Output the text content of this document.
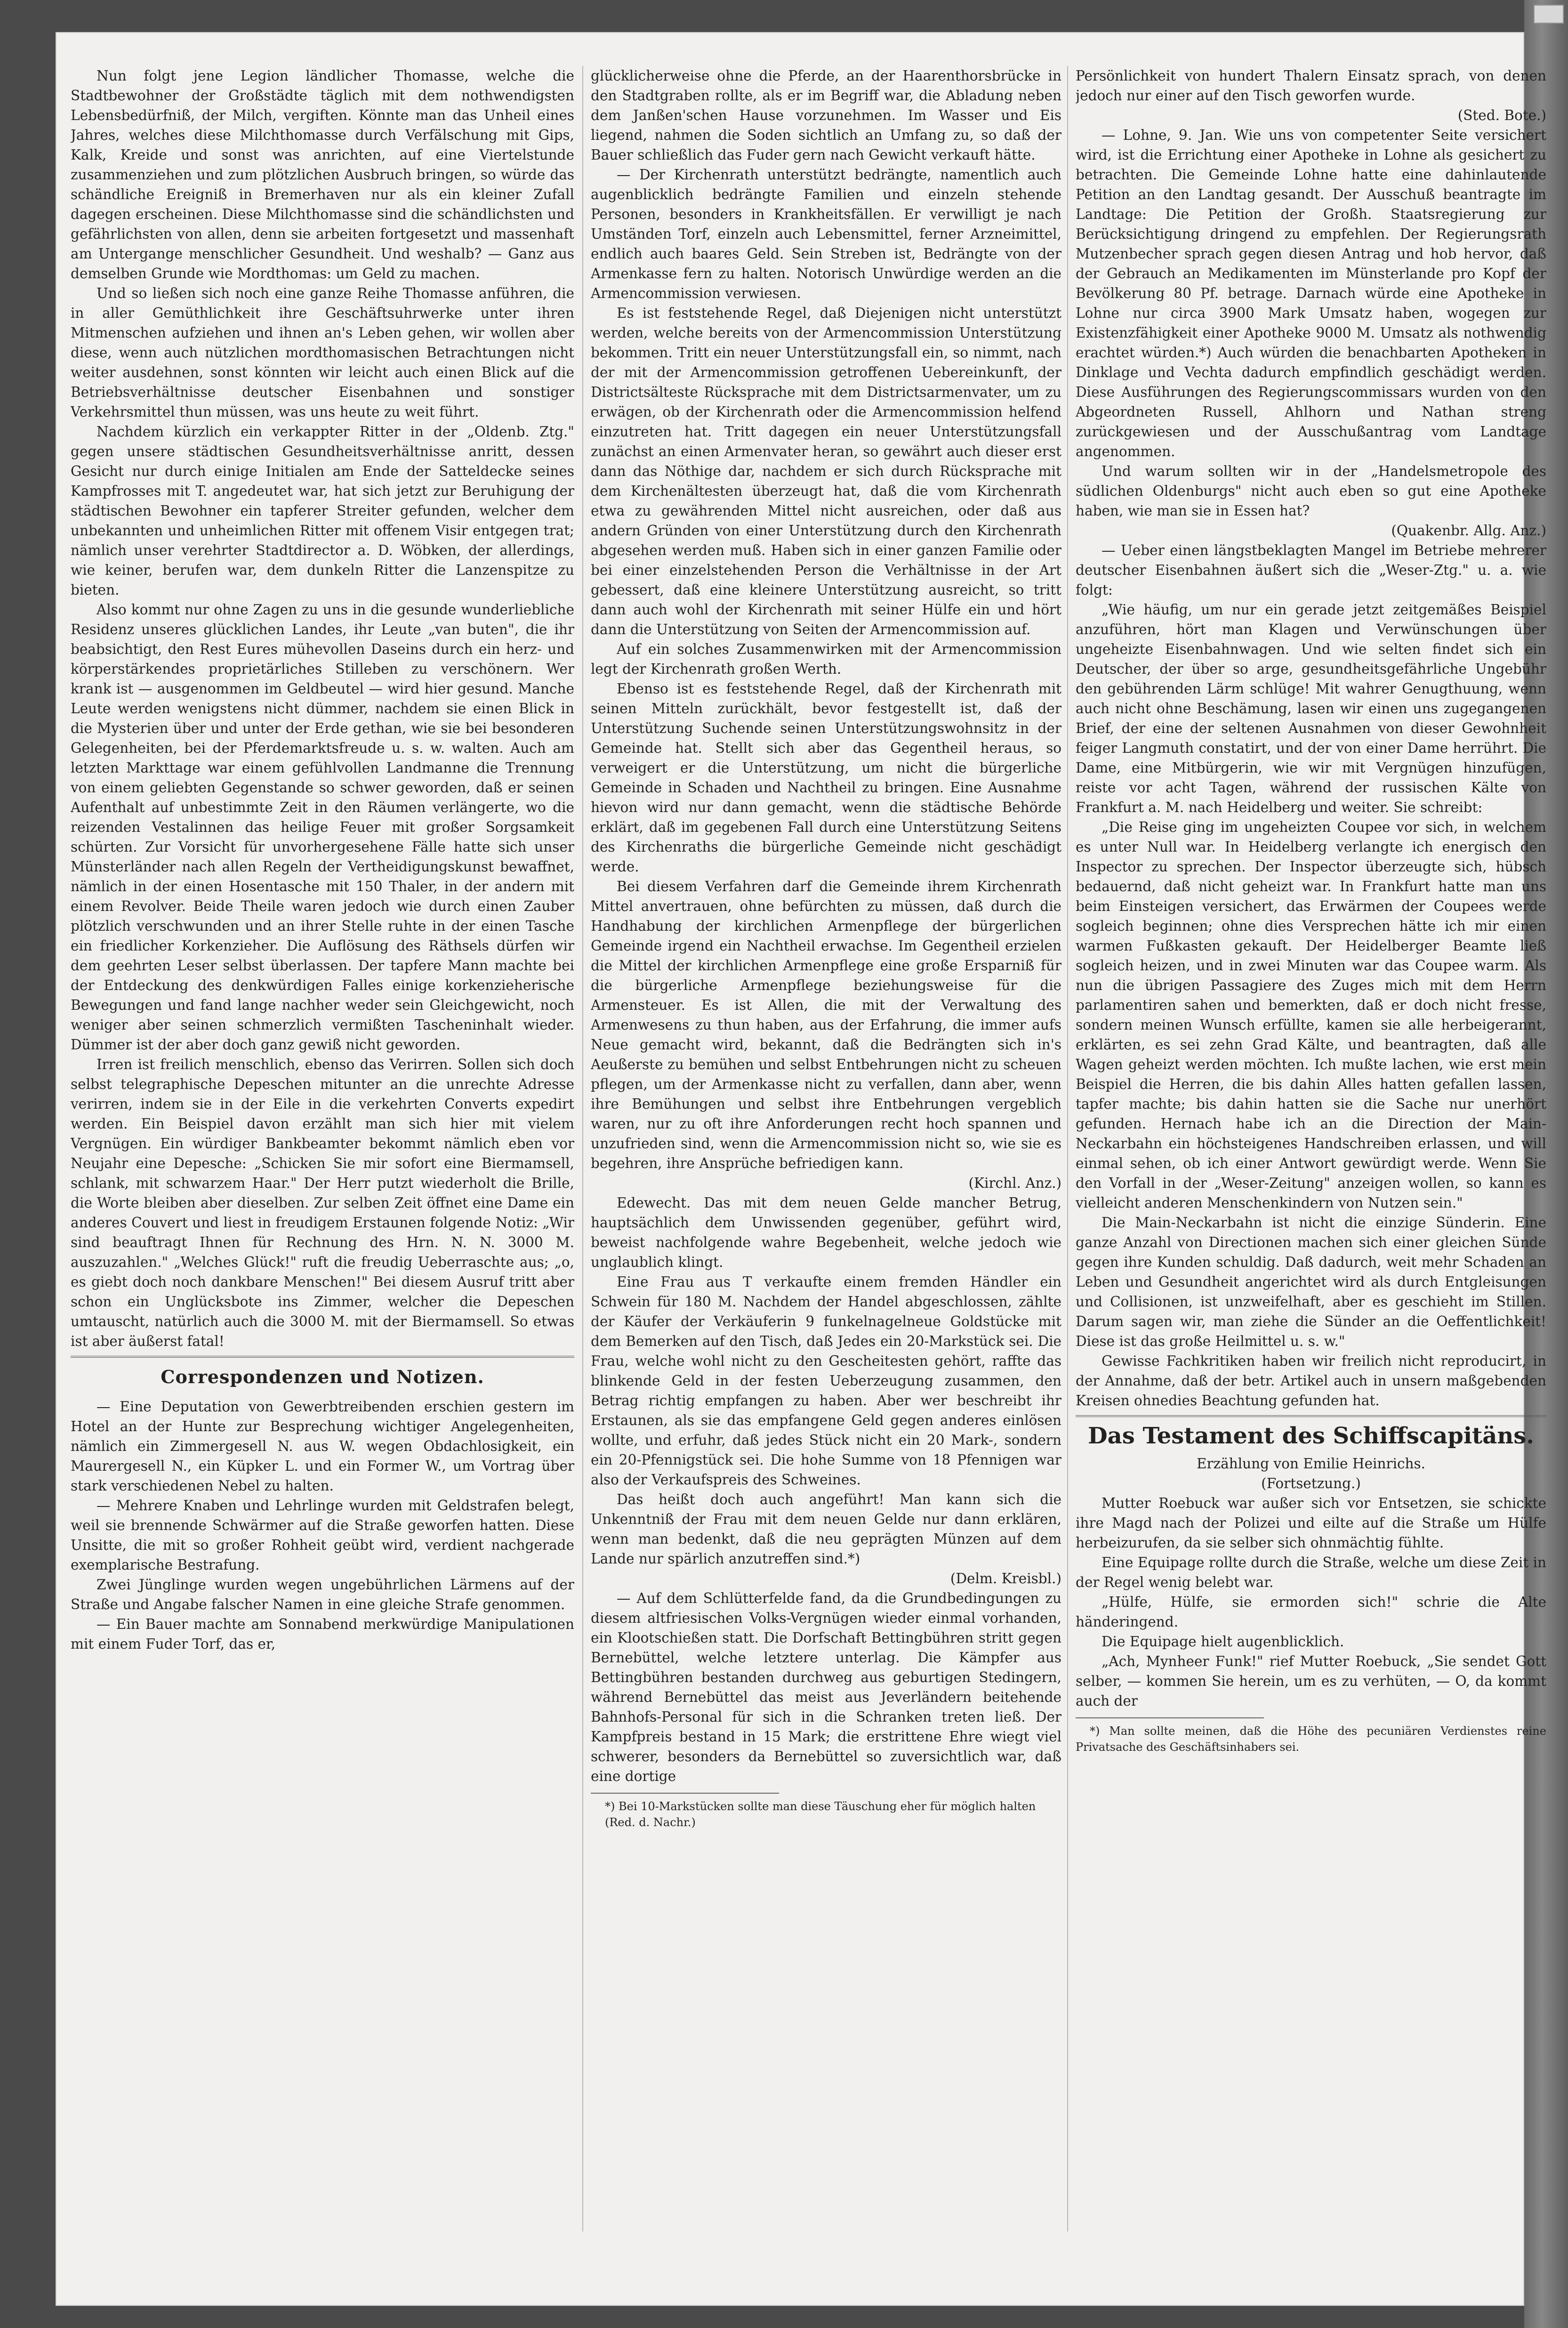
Nun folgt jene Legion ländlicher Thomasse, welche die Stadtbewohner der Großstädte täglich mit dem nothwendigsten Lebensbedürfniß, der Milch, vergiften. Könnte man das Unheil eines Jahres, welches diese Milchthomasse durch Verfälschung mit Gips, Kalk, Kreide und sonst was anrichten, auf eine Viertelstunde zusammenziehen und zum plötzlichen Ausbruch bringen, so würde das schändliche Ereigniß in Bremerhaven nur als ein kleiner Zufall dagegen erscheinen. Diese Milchthomasse sind die schändlichsten und gefährlichsten von allen, denn sie arbeiten fortgesetzt und massenhaft am Untergange menschlicher Gesundheit. Und weshalb? — Ganz aus demselben Grunde wie Mordthomas: um Geld zu machen.

Und so ließen sich noch eine ganze Reihe Thomasse anführen, die in aller Gemüthlichkeit ihre Geschäftsuhrwerke unter ihren Mitmenschen aufziehen und ihnen an's Leben gehen, wir wollen aber diese, wenn auch nützlichen mordthomasischen Betrachtungen nicht weiter ausdehnen, sonst könnten wir leicht auch einen Blick auf die Betriebsverhältnisse deutscher Eisenbahnen und sonstiger Verkehrsmittel thun müssen, was uns heute zu weit führt.

Nachdem kürzlich ein verkappter Ritter in der „Oldenb. Ztg." gegen unsere städtischen Gesundheitsverhältnisse anritt, dessen Gesicht nur durch einige Initialen am Ende der Satteldecke seines Kampfrosses mit T. angedeutet war, hat sich jetzt zur Beruhigung der städtischen Bewohner ein tapferer Streiter gefunden, welcher dem unbekannten und unheimlichen Ritter mit offenem Visir entgegen trat; nämlich unser verehrter Stadtdirector a. D. Wöbken, der allerdings, wie keiner, berufen war, dem dunkeln Ritter die Lanzenspitze zu bieten.

Also kommt nur ohne Zagen zu uns in die gesunde wunderliebliche Residenz unseres glücklichen Landes, ihr Leute „van buten", die ihr beabsichtigt, den Rest Eures mühevollen Daseins durch ein herz- und körperstärkendes proprietärliches Stilleben zu verschönern. Wer krank ist — ausgenommen im Geldbeutel — wird hier gesund. Manche Leute werden wenigstens nicht dümmer, nachdem sie einen Blick in die Mysterien über und unter der Erde gethan, wie sie bei besonderen Gelegenheiten, bei der Pferdemarktsfreude u. s. w. walten. Auch am letzten Markttage war einem gefühlvollen Landmanne die Trennung von einem geliebten Gegenstande so schwer geworden, daß er seinen Aufenthalt auf unbestimmte Zeit in den Räumen verlängerte, wo die reizenden Vestalinnen das heilige Feuer mit großer Sorgsamkeit schürten. Zur Vorsicht für unvorhergesehene Fälle hatte sich unser Münsterländer nach allen Regeln der Vertheidigungskunst bewaffnet, nämlich in der einen Hosentasche mit 150 Thaler, in der andern mit einem Revolver. Beide Theile waren jedoch wie durch einen Zauber plötzlich verschwunden und an ihrer Stelle ruhte in der einen Tasche ein friedlicher Korkenzieher. Die Auflösung des Räthsels dürfen wir dem geehrten Leser selbst überlassen. Der tapfere Mann machte bei der Entdeckung des denkwürdigen Falles einige korkenzieherische Bewegungen und fand lange nachher weder sein Gleichgewicht, noch weniger aber seinen schmerzlich vermißten Tascheninhalt wieder. Dümmer ist der aber doch ganz gewiß nicht geworden.

Irren ist freilich menschlich, ebenso das Verirren. Sollen sich doch selbst telegraphische Depeschen mitunter an die unrechte Adresse verirren, indem sie in der Eile in die verkehrten Converts expedirt werden. Ein Beispiel davon erzählt man sich hier mit vielem Vergnügen. Ein würdiger Bankbeamter bekommt nämlich eben vor Neujahr eine Depesche: „Schicken Sie mir sofort eine Biermamsell, schlank, mit schwarzem Haar." Der Herr putzt wiederholt die Brille, die Worte bleiben aber dieselben. Zur selben Zeit öffnet eine Dame ein anderes Couvert und liest in freudigem Erstaunen folgende Notiz: „Wir sind beauftragt Ihnen für Rechnung des Hrn. N. N. 3000 M. auszuzahlen." „Welches Glück!" ruft die freudig Ueberraschte aus; „o, es giebt doch noch dankbare Menschen!" Bei diesem Ausruf tritt aber schon ein Unglücksbote ins Zimmer, welcher die Depeschen umtauscht, natürlich auch die 3000 M. mit der Biermamsell. So etwas ist aber äußerst fatal!

Correspondenzen und Notizen.

— Eine Deputation von Gewerbtreibenden erschien gestern im Hotel an der Hunte zur Besprechung wichtiger Angelegenheiten, nämlich ein Zimmergesell N. aus W. wegen Obdachlosigkeit, ein Maurergesell N., ein Küpker L. und ein Former W., um Vortrag über stark verschiedenen Nebel zu halten.

— Mehrere Knaben und Lehrlinge wurden mit Geldstrafen belegt, weil sie brennende Schwärmer auf die Straße geworfen hatten. Diese Unsitte, die mit so großer Rohheit geübt wird, verdient nachgerade exemplarische Bestrafung.

Zwei Jünglinge wurden wegen ungebührlichen Lärmens auf der Straße und Angabe falscher Namen in eine gleiche Strafe genommen.

— Ein Bauer machte am Sonnabend merkwürdige Manipulationen mit einem Fuder Torf, das er,

glücklicherweise ohne die Pferde, an der Haarenthorsbrücke in den Stadtgraben rollte, als er im Begriff war, die Abladung neben dem Janßen'schen Hause vorzunehmen. Im Wasser und Eis liegend, nahmen die Soden sichtlich an Umfang zu, so daß der Bauer schließlich das Fuder gern nach Gewicht verkauft hätte.

— Der Kirchenrath unterstützt bedrängte, namentlich auch augenblicklich bedrängte Familien und einzeln stehende Personen, besonders in Krankheitsfällen. Er verwilligt je nach Umständen Torf, einzeln auch Lebensmittel, ferner Arzneimittel, endlich auch baares Geld. Sein Streben ist, Bedrängte von der Armenkasse fern zu halten. Notorisch Unwürdige werden an die Armencommission verwiesen.

Es ist feststehende Regel, daß Diejenigen nicht unterstützt werden, welche bereits von der Armencommission Unterstützung bekommen. Tritt ein neuer Unterstützungsfall ein, so nimmt, nach der mit der Armencommission getroffenen Uebereinkunft, der Districtsälteste Rücksprache mit dem Districtsarmenvater, um zu erwägen, ob der Kirchenrath oder die Armencommission helfend einzutreten hat. Tritt dagegen ein neuer Unterstützungsfall zunächst an einen Armenvater heran, so gewährt auch dieser erst dann das Nöthige dar, nachdem er sich durch Rücksprache mit dem Kirchenältesten überzeugt hat, daß die vom Kirchenrath etwa zu gewährenden Mittel nicht ausreichen, oder daß aus andern Gründen von einer Unterstützung durch den Kirchenrath abgesehen werden muß. Haben sich in einer ganzen Familie oder bei einer einzelstehenden Person die Verhältnisse in der Art gebessert, daß eine kleinere Unterstützung ausreicht, so tritt dann auch wohl der Kirchenrath mit seiner Hülfe ein und hört dann die Unterstützung von Seiten der Armencommission auf.

Auf ein solches Zusammenwirken mit der Armencommission legt der Kirchenrath großen Werth.

Ebenso ist es feststehende Regel, daß der Kirchenrath mit seinen Mitteln zurückhält, bevor festgestellt ist, daß der Unterstützung Suchende seinen Unterstützungswohnsitz in der Gemeinde hat. Stellt sich aber das Gegentheil heraus, so verweigert er die Unterstützung, um nicht die bürgerliche Gemeinde in Schaden und Nachtheil zu bringen. Eine Ausnahme hievon wird nur dann gemacht, wenn die städtische Behörde erklärt, daß im gegebenen Fall durch eine Unterstützung Seitens des Kirchenraths die bürgerliche Gemeinde nicht geschädigt werde.

Bei diesem Verfahren darf die Gemeinde ihrem Kirchenrath Mittel anvertrauen, ohne befürchten zu müssen, daß durch die Handhabung der kirchlichen Armenpflege der bürgerlichen Gemeinde irgend ein Nachtheil erwachse. Im Gegentheil erzielen die Mittel der kirchlichen Armenpflege eine große Ersparniß für die bürgerliche Armenpflege beziehungsweise für die Armensteuer. Es ist Allen, die mit der Verwaltung des Armenwesens zu thun haben, aus der Erfahrung, die immer aufs Neue gemacht wird, bekannt, daß die Bedrängten sich in's Aeußerste zu bemühen und selbst Entbehrungen nicht zu scheuen pflegen, um der Armenkasse nicht zu verfallen, dann aber, wenn ihre Bemühungen und selbst ihre Entbehrungen vergeblich waren, nur zu oft ihre Anforderungen recht hoch spannen und unzufrieden sind, wenn die Armencommission nicht so, wie sie es begehren, ihre Ansprüche befriedigen kann.

(Kirchl. Anz.)

Edewecht. Das mit dem neuen Gelde mancher Betrug, hauptsächlich dem Unwissenden gegenüber, geführt wird, beweist nachfolgende wahre Begebenheit, welche jedoch wie unglaublich klingt.

Eine Frau aus T verkaufte einem fremden Händler ein Schwein für 180 M. Nachdem der Handel abgeschlossen, zählte der Käufer der Verkäuferin 9 funkelnagelneue Goldstücke mit dem Bemerken auf den Tisch, daß Jedes ein 20-Markstück sei. Die Frau, welche wohl nicht zu den Gescheitesten gehört, raffte das blinkende Geld in der festen Ueberzeugung zusammen, den Betrag richtig empfangen zu haben. Aber wer beschreibt ihr Erstaunen, als sie das empfangene Geld gegen anderes einlösen wollte, und erfuhr, daß jedes Stück nicht ein 20 Mark-, sondern ein 20-Pfennigstück sei. Die hohe Summe von 18 Pfennigen war also der Verkaufspreis des Schweines.

Das heißt doch auch angeführt! Man kann sich die Unkenntniß der Frau mit dem neuen Gelde nur dann erklären, wenn man bedenkt, daß die neu geprägten Münzen auf dem Lande nur spärlich anzutreffen sind.*)

(Delm. Kreisbl.)

— Auf dem Schlütterfelde fand, da die Grundbedingungen zu diesem altfriesischen Volks-Vergnügen wieder einmal vorhanden, ein Klootschießen statt. Die Dorfschaft Bettingbühren stritt gegen Bernebüttel, welche letztere unterlag. Die Kämpfer aus Bettingbühren bestanden durchweg aus geburtigen Stedingern, während Bernebüttel das meist aus Jeverländern beitehende Bahnhofs-Personal für sich in die Schranken treten ließ. Der Kampfpreis bestand in 15 Mark; die erstrittene Ehre wiegt viel schwerer, besonders da Bernebüttel so zuversichtlich war, daß eine dortige

*) Bei 10-Markstücken sollte man diese Täuschung eher für möglich halten

(Red. d. Nachr.)

Persönlichkeit von hundert Thalern Einsatz sprach, von denen jedoch nur einer auf den Tisch geworfen wurde.

(Sted. Bote.)

— Lohne, 9. Jan. Wie uns von competenter Seite versichert wird, ist die Errichtung einer Apotheke in Lohne als gesichert zu betrachten. Die Gemeinde Lohne hatte eine dahinlautende Petition an den Landtag gesandt. Der Ausschuß beantragte im Landtage: Die Petition der Großh. Staatsregierung zur Berücksichtigung dringend zu empfehlen. Der Regierungsrath Mutzenbecher sprach gegen diesen Antrag und hob hervor, daß der Gebrauch an Medikamenten im Münsterlande pro Kopf der Bevölkerung 80 Pf. betrage. Darnach würde eine Apotheke in Lohne nur circa 3900 Mark Umsatz haben, wogegen zur Existenzfähigkeit einer Apotheke 9000 M. Umsatz als nothwendig erachtet würden.*) Auch würden die benachbarten Apotheken in Dinklage und Vechta dadurch empfindlich geschädigt werden. Diese Ausführungen des Regierungscommissars wurden von den Abgeordneten Russell, Ahlhorn und Nathan streng zurückgewiesen und der Ausschußantrag vom Landtage angenommen.

Und warum sollten wir in der „Handelsmetropole des südlichen Oldenburgs" nicht auch eben so gut eine Apotheke haben, wie man sie in Essen hat?

(Quakenbr. Allg. Anz.)

— Ueber einen längstbeklagten Mangel im Betriebe mehrerer deutscher Eisenbahnen äußert sich die „Weser-Ztg." u. a. wie folgt:

„Wie häufig, um nur ein gerade jetzt zeitgemäßes Beispiel anzuführen, hört man Klagen und Verwünschungen über ungeheizte Eisenbahnwagen. Und wie selten findet sich ein Deutscher, der über so arge, gesundheitsgefährliche Ungebühr den gebührenden Lärm schlüge! Mit wahrer Genugthuung, wenn auch nicht ohne Beschämung, lasen wir einen uns zugegangenen Brief, der eine der seltenen Ausnahmen von dieser Gewohnheit feiger Langmuth constatirt, und der von einer Dame herrührt. Die Dame, eine Mitbürgerin, wie wir mit Vergnügen hinzufügen, reiste vor acht Tagen, während der russischen Kälte von Frankfurt a. M. nach Heidelberg und weiter. Sie schreibt:

„Die Reise ging im ungeheizten Coupee vor sich, in welchem es unter Null war. In Heidelberg verlangte ich energisch den Inspector zu sprechen. Der Inspector überzeugte sich, hübsch bedauernd, daß nicht geheizt war. In Frankfurt hatte man uns beim Einsteigen versichert, das Erwärmen der Coupees werde sogleich beginnen; ohne dies Versprechen hätte ich mir einen warmen Fußkasten gekauft. Der Heidelberger Beamte ließ sogleich heizen, und in zwei Minuten war das Coupee warm. Als nun die übrigen Passagiere des Zuges mich mit dem Herrn parlamentiren sahen und bemerkten, daß er doch nicht fresse, sondern meinen Wunsch erfüllte, kamen sie alle herbeigerannt, erklärten, es sei zehn Grad Kälte, und beantragten, daß alle Wagen geheizt werden möchten. Ich mußte lachen, wie erst mein Beispiel die Herren, die bis dahin Alles hatten gefallen lassen, tapfer machte; bis dahin hatten sie die Sache nur unerhört gefunden. Hernach habe ich an die Direction der Main-Neckarbahn ein höchsteigenes Handschreiben erlassen, und will einmal sehen, ob ich einer Antwort gewürdigt werde. Wenn Sie den Vorfall in der „Weser-Zeitung" anzeigen wollen, so kann es vielleicht anderen Menschenkindern von Nutzen sein."

Die Main-Neckarbahn ist nicht die einzige Sünderin. Eine ganze Anzahl von Directionen machen sich einer gleichen Sünde gegen ihre Kunden schuldig. Daß dadurch, weit mehr Schaden an Leben und Gesundheit angerichtet wird als durch Entgleisungen und Collisionen, ist unzweifelhaft, aber es geschieht im Stillen. Darum sagen wir, man ziehe die Sünder an die Oeffentlichkeit! Diese ist das große Heilmittel u. s. w."

Gewisse Fachkritiken haben wir freilich nicht reproducirt, in der Annahme, daß der betr. Artikel auch in unsern maßgebenden Kreisen ohnedies Beachtung gefunden hat.

Das Testament des Schiffscapitäns.

Erzählung von Emilie Heinrichs.

(Fortsetzung.)

Mutter Roebuck war außer sich vor Entsetzen, sie schickte ihre Magd nach der Polizei und eilte auf die Straße um Hülfe herbeizurufen, da sie selber sich ohnmächtig fühlte.

Eine Equipage rollte durch die Straße, welche um diese Zeit in der Regel wenig belebt war.

„Hülfe, Hülfe, sie ermorden sich!" schrie die Alte händeringend.

Die Equipage hielt augenblicklich.

„Ach, Mynheer Funk!" rief Mutter Roebuck, „Sie sendet Gott selber, — kommen Sie herein, um es zu verhüten, — O, da kommt auch der

*) Man sollte meinen, daß die Höhe des pecuniären Verdienstes reine Privatsache des Geschäftsinhabers sei.
